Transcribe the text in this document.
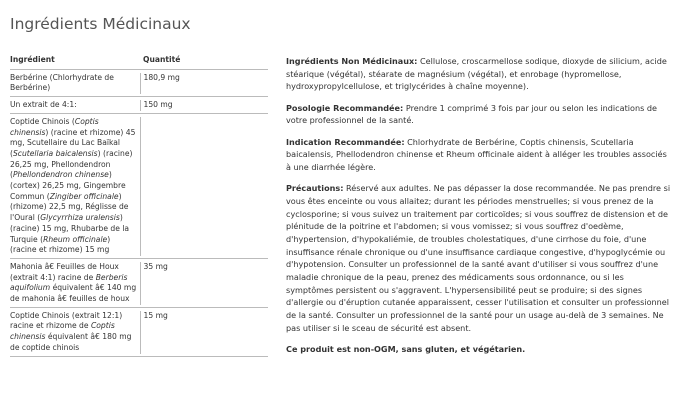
Ingrédients Médicinaux
Ingrédient	Quantité
Berbérine (Chlorhydrate de Berbérine)
180,9 mg
Un extrait de 4:1:	150 mg
Coptide Chinois (Coptis chinensis) (racine et rhizome) 45 mg, Scutellaire du Lac Baïkal (Scutellaria baicalensis) (racine) 26,25 mg, Phellondendron (Phellondendron chinense) (cortex) 26,25 mg, Gingembre Commun (Zingiber officinale) (rhizome) 22,5 mg, Réglisse de l'Oural (Glycyrrhiza uralensis) (racine) 15 mg, Rhubarbe de la Turquie (Rheum officinale) (racine et rhizome) 15 mg
Mahonia â€ Feuilles de Houx (extrait 4:1) racine de Berberis aquifolium équivalent â€ 140 mg de mahonia â€ feuilles de houx
35 mg
Coptide Chinois (extrait 12:1) racine et rhizome de Coptis chinensis équivalent â€ 180 mg de coptide chinois
15 mg

Ingrédients Non Médicinaux: Cellulose, croscarmellose sodique, dioxyde de silicium, acide stéarique (végétal), stéarate de magnésium (végétal), et enrobage (hypromellose, hydroxypropylcellulose, et triglycérides à chaîne moyenne).

Posologie Recommandée: Prendre 1 comprimé 3 fois par jour ou selon les indications de votre professionnel de la santé.

Indication Recommandée: Chlorhydrate de Berbérine, Coptis chinensis, Scutellaria baicalensis, Phellodendron chinense et Rheum officinale aident à alléger les troubles associés à une diarrhée légère.

Précautions: Réservé aux adultes. Ne pas dépasser la dose recommandée. Ne pas prendre si vous êtes enceinte ou vous allaitez; durant les périodes menstruelles; si vous prenez de la cyclosporine; si vous suivez un traitement par corticoïdes; si vous souffrez de distension et de plénitude de la poitrine et l'abdomen; si vous vomissez; si vous souffrez d'oedème, d'hypertension, d'hypokaliémie, de troubles cholestatiques, d'une cirrhose du foie, d'une insuffisance rénale chronique ou d'une insuffisance cardiaque congestive, d'hypoglycémie ou d'hypotension. Consulter un professionnel de la santé avant d'utiliser si vous souffrez d'une maladie chronique de la peau, prenez des médicaments sous ordonnance, ou si les symptômes persistent ou s'aggravent. L'hypersensibilité peut se produire; si des signes d'allergie ou d'éruption cutanée apparaissent, cesser l'utilisation et consulter un professionnel de la santé. Consulter un professionnel de la santé pour un usage au-delà de 3 semaines. Ne pas utiliser si le sceau de sécurité est absent.

Ce produit est non-OGM, sans gluten, et végétarien.
